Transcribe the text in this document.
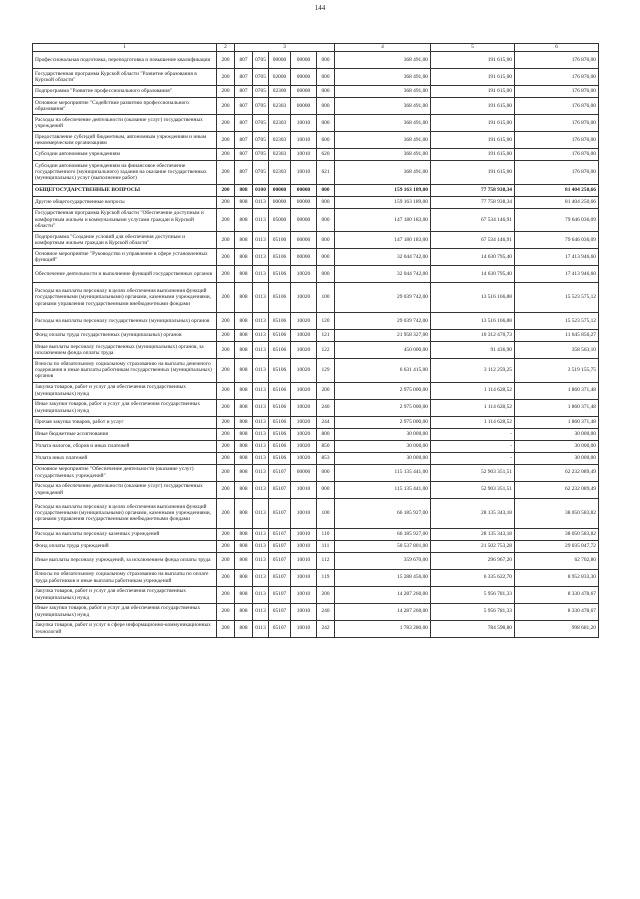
144
1	2	3					4	5	6
Профессиональная подготовка, переподготовка и повышение квалификации	200	807	0705	00000	00000	000	368 491,00	191 615,00	176 876,00
Государственная программа Курской области "Развитие образования в Курской области"	200	807	0705	02000	00000	000	368 491,00	191 615,00	176 876,00
Подпрограмма "Развитие профессионального образования"	200	807	0705	02300	00000	000	368 491,00	191 615,00	176 876,00
Основное мероприятие "Содействие развитию профессионального образования"	200	807	0705	02303	00000	000	368 491,00	191 615,00	176 876,00
Расходы на обеспечение деятельности (оказание услуг) государственных учреждений	200	807	0705	02303	10010	000	368 491,00	191 615,00	176 876,00
Предоставление субсидий бюджетным, автономным учреждениям и иным некоммерческим организациям	200	807	0705	02303	10010	600	368 491,00	191 615,00	176 876,00
Субсидии автономным учреждениям	200	807	0705	02303	10010	620	368 491,00	191 615,00	176 876,00
Субсидии автономным учреждениям на финансовое обеспечение государственного (муниципального) задания на оказание государственных (муниципальных) услуг (выполнение работ)	200	807	0705	02303	10010	621	368 491,00	191 615,00	176 876,00
ОБЩЕГОСУДАРСТВЕННЫЕ ВОПРОСЫ	200	808	0100	00000	00000	000	159 163 189,00	77 758 938,34	81 404 250,66
Другие общегосударственные вопросы	200	808	0113	00000	00000	000	159 163 189,00	77 758 938,34	81 404 250,66
Государственная программа Курской области "Обеспечение доступным и комфортным жильем и коммунальными услугами граждан в Курской области"	200	808	0113	05000	00000	000	147 180 183,00	67 534 146,91	79 646 036,09
Подпрограмма "Создание условий для обеспечения доступным и комфортным жильем граждан в Курской области"	200	808	0113	05100	00000	000	147 180 183,00	67 534 146,91	79 646 036,09
Основное мероприятие "Руководство и управление в сфере установленных функций"	200	808	0113	05106	00000	000	32 044 742,00	14 630 795,40	17 413 946,60
Обеспечение деятельности и выполнение функций государственных органов	200	808	0113	05106	10020	000	32 044 742,00	14 630 795,40	17 413 946,60
Расходы на выплаты персоналу в целях обеспечения выполнения функций государственными (муниципальными) органами, казенными учреждениями, органами управления государственными внебюджетными фондами	200	808	0113	05106	10020	100	29 039 742,00	13 516 166,88	15 523 575,12
Расходы на выплаты персоналу государственных (муниципальных) органов	200	808	0113	05106	10020	120	29 039 742,00	13 516 166,88	15 523 575,12
Фонд оплаты труда государственных (муниципальных) органов	200	808	0113	05106	10020	121	21 958 327,00	10 312 470,73	11 645 856,27
Иные выплаты персоналу государственных (муниципальных) органов, за исключением фонда оплаты труда	200	808	0113	05106	10020	122	450 000,00	91 436,90	358 563,10
Взносы по обязательному социальному страхованию на выплаты денежного содержания и иные выплаты работникам государственных (муниципальных) органов	200	808	0113	05106	10020	129	6 631 415,00	3 112 259,25	3 519 155,75
Закупка товаров, работ и услуг для обеспечения государственных (муниципальных) нужд	200	808	0113	05106	10020	200	2 975 000,00	1 114 628,52	1 860 371,48
Иные закупки товаров, работ и услуг для обеспечения государственных (муниципальных) нужд	200	808	0113	05106	10020	240	2 975 000,00	1 114 628,52	1 860 371,48
Прочая закупка товаров, работ и услуг	200	808	0113	05106	10020	244	2 975 000,00	1 114 628,52	1 860 371,48
Иные бюджетные ассигнования	200	808	0113	05106	10020	800	30 000,00	-	30 000,00
Уплата налогов, сборов и иных платежей	200	808	0113	05106	10020	850	30 000,00	-	30 000,00
Уплата иных платежей	200	808	0113	05106	10020	853	30 000,00	-	30 000,00
Основное мероприятие "Обеспечение деятельности (оказание услуг) государственных учреждений"	200	808	0113	05107	00000	000	115 135 441,00	52 903 351,51	62 232 089,49
Расходы на обеспечение деятельности (оказание услуг) государственных учреждений	200	808	0113	05107	10010	000	115 135 441,00	52 903 351,51	62 232 089,49
Расходы на выплаты персоналу в целях обеспечения выполнения функций государственными (муниципальными) органами, казенными учреждениями, органами управления государственными внебюджетными фондами	200	808	0113	05107	10010	100	66 185 927,00	28 135 343,18	38 050 583,82
Расходы на выплаты персоналу казенных учреждений	200	808	0113	05107	10010	110	66 185 927,00	28 135 343,18	38 050 583,82
Фонд оплаты труда учреждений	200	808	0113	05107	10010	111	50 537 801,00	21 502 753,28	29 035 047,72
Иные выплаты персоналу учреждений, за исключением фонда оплаты труда	200	808	0113	05107	10010	112	359 670,00	296 967,20	62 702,80
Взносы по обязательному социальному страхованию на выплаты по оплате труда работников и иные выплаты работникам учреждений	200	808	0113	05107	10010	119	15 288 456,00	6 335 622,70	8 952 833,30
Закупка товаров, работ и услуг для обеспечения государственных (муниципальных) нужд	200	808	0113	05107	10010	200	14 287 260,00	5 956 781,33	8 330 478,67
Иные закупки товаров, работ и услуг для обеспечения государственных (муниципальных) нужд	200	808	0113	05107	10010	240	14 287 260,00	5 956 781,33	8 330 478,67
Закупка товаров, работ и услуг в сфере информационно-коммуникационных технологий	200	808	0113	05107	10010	242	1 783 280,00	784 598,80	998 681,20
